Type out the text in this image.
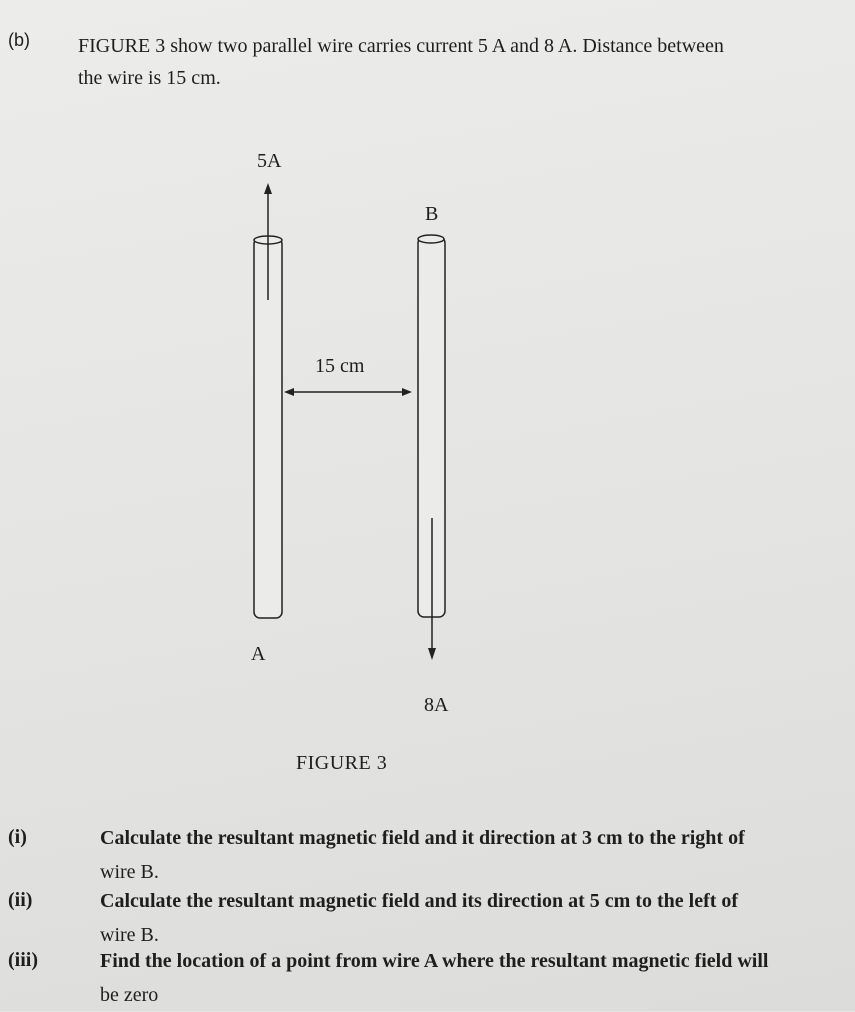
(b) FIGURE 3 show two parallel wire carries current 5 A and 8 A. Distance between
the wire is 15 cm.
5A
B
15 cm
A
8A
FIGURE 3
(i)	Calculate the resultant magnetic field and it direction at 3 cm to the right of
wire B.
(ii)	Calculate the resultant magnetic field and its direction at 5 cm to the left of
wire B.
(iii)	Find the location of a point from wire A where the resultant magnetic field will
be zero
